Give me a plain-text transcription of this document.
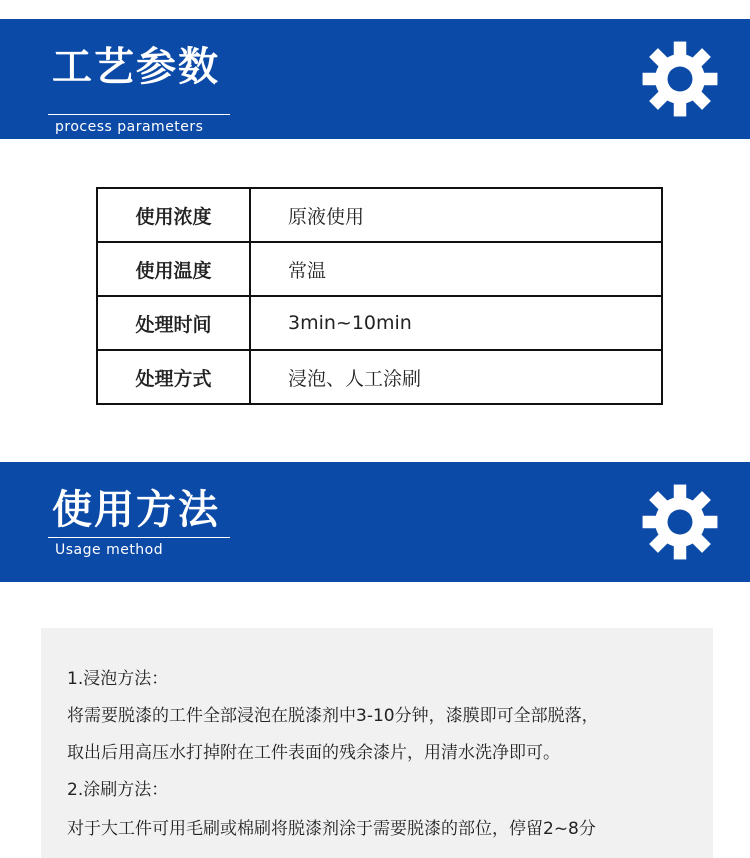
工艺参数
process parameters
使用浓度	原液使用
使用温度	常温
处理时间	3min~10min
处理方式	浸泡、人工涂刷
使用方法
Usage method
1.浸泡方法：
将需要脱漆的工件全部浸泡在脱漆剂中3-10分钟，漆膜即可全部脱落，
取出后用高压水打掉附在工件表面的残余漆片，用清水洗净即可。
2.涂刷方法：
对于大工件可用毛刷或棉刷将脱漆剂涂于需要脱漆的部位，停留2~8分
